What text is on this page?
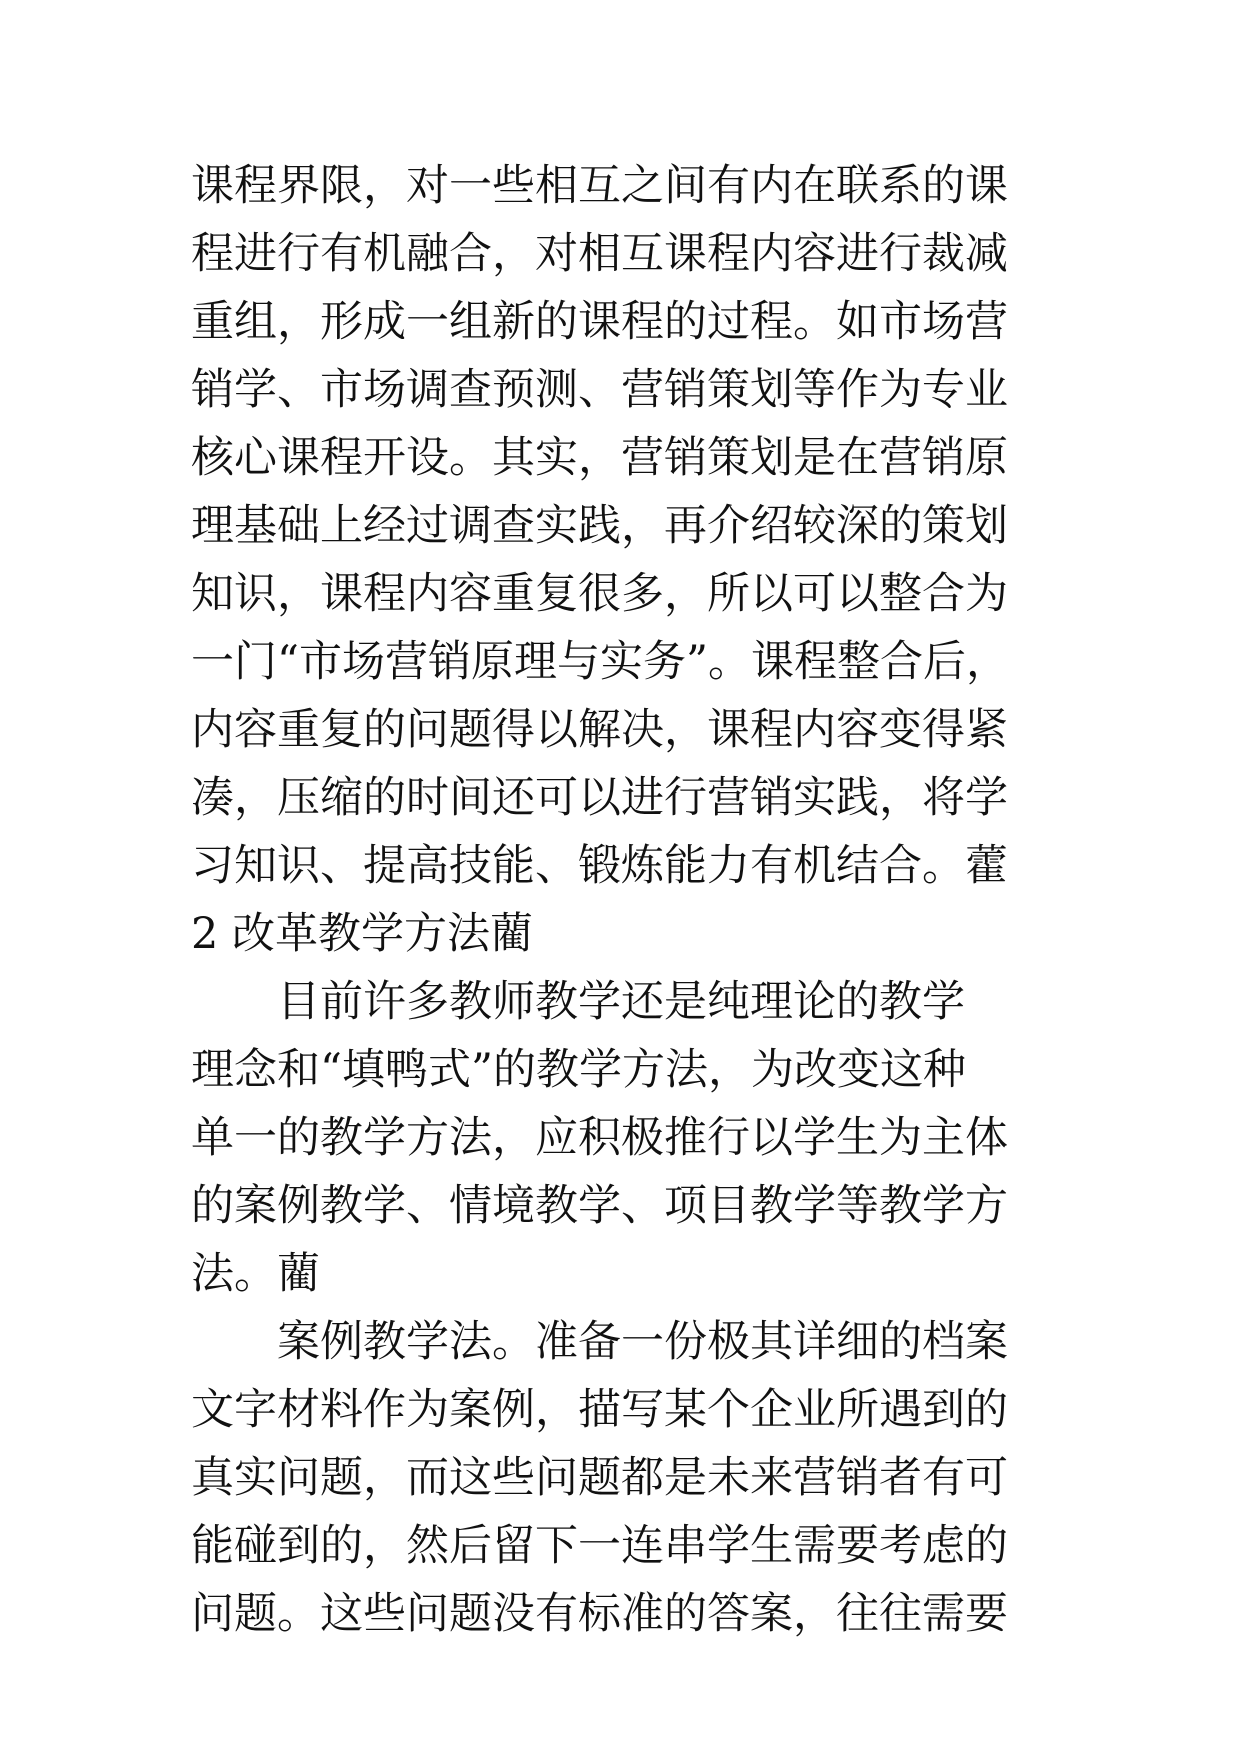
课程界限，对一些相互之间有内在联系的课
程进行有机融合，对相互课程内容进行裁减
重组，形成一组新的课程的过程。如市场营
销学、市场调查预测、营销策划等作为专业
核心课程开设。其实，营销策划是在营销原
理基础上经过调查实践，再介绍较深的策划
知识，课程内容重复很多，所以可以整合为
一门“市场营销原理与实务”。课程整合后，
内容重复的问题得以解决，课程内容变得紧
凑，压缩的时间还可以进行营销实践，将学
习知识、提高技能、锻炼能力有机结合。藿
2 改革教学方法藺
目前许多教师教学还是纯理论的教学
理念和“填鸭式”的教学方法，为改变这种
单一的教学方法，应积极推行以学生为主体
的案例教学、情境教学、项目教学等教学方
法。藺
案例教学法。准备一份极其详细的档案
文字材料作为案例，描写某个企业所遇到的
真实问题，而这些问题都是未来营销者有可
能碰到的，然后留下一连串学生需要考虑的
问题。这些问题没有标准的答案，往往需要
